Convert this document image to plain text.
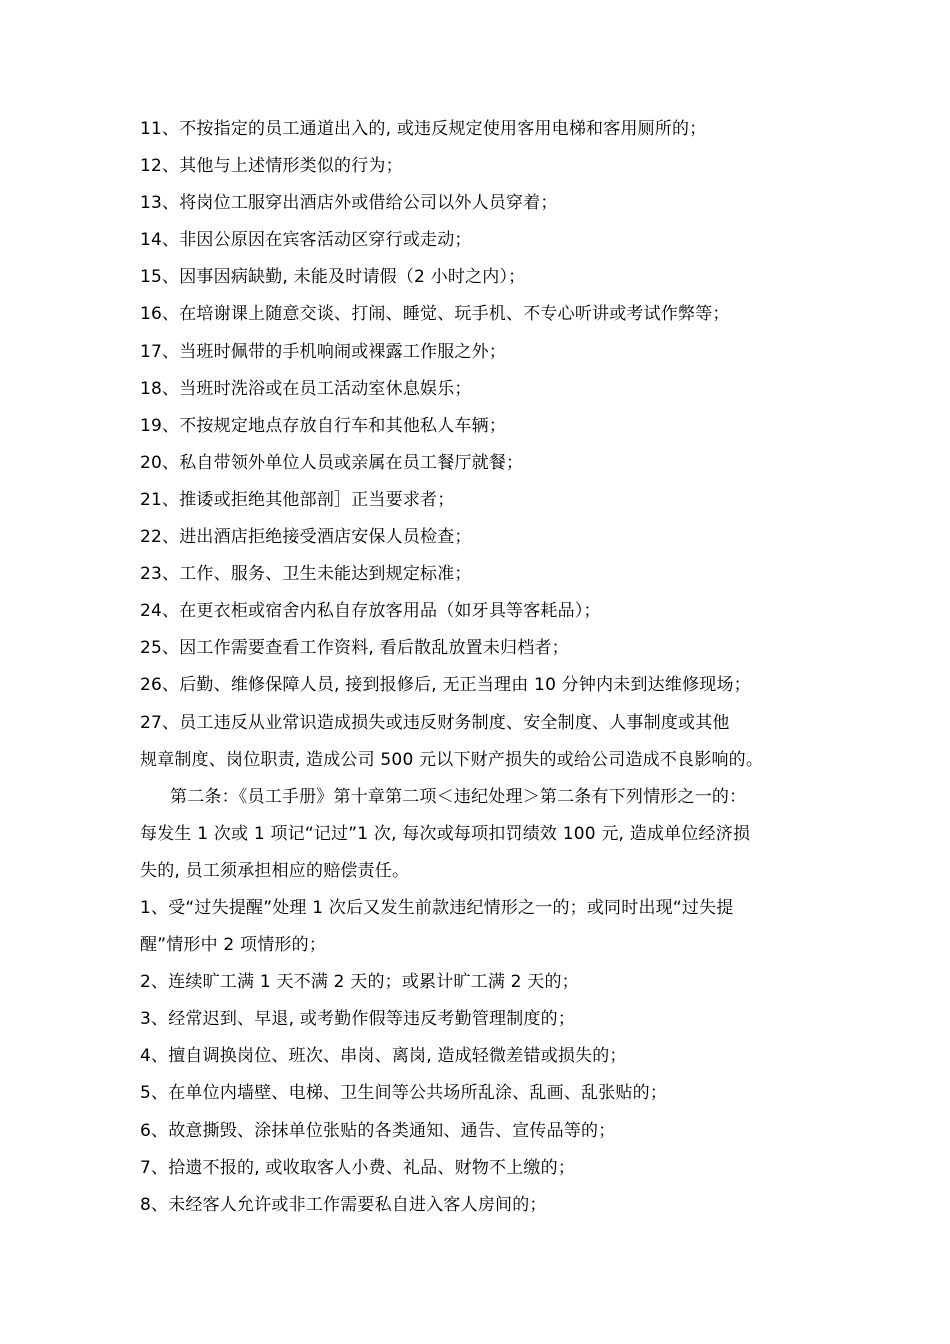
11、不按指定的员工通道出入的, 或违反规定使用客用电梯和客用厕所的；
12、其他与上述情形类似的行为；
13、将岗位工服穿出酒店外或借给公司以外人员穿着；
14、非因公原因在宾客活动区穿行或走动；
15、因事因病缺勤, 未能及时请假（2 小时之内）；
16、在培谢课上随意交谈、打闹、睡觉、玩手机、不专心听讲或考试作弊等；
17、当班时佩带的手机响闹或裸露工作服之外；
18、当班时洗浴或在员工活动室休息娱乐；
19、不按规定地点存放自行车和其他私人车辆；
20、私自带领外单位人员或亲属在员工餐厅就餐；
21、推诿或拒绝其他部剖］正当要求者；
22、进出酒店拒绝接受酒店安保人员检查；
23、工作、服务、卫生未能达到规定标准；
24、在更衣柜或宿舍内私自存放客用品（如牙具等客耗品）；
25、因工作需要查看工作资料, 看后散乱放置未归档者；
26、后勤、维修保障人员, 接到报修后, 无正当理由 10 分钟内未到达维修现场；
27、员工违反从业常识造成损失或违反财务制度、安全制度、人事制度或其他
规章制度、岗位职责, 造成公司 500 元以下财产损失的或给公司造成不良影响的。
第二条：《员工手册》第十章第二项＜违纪处理＞第二条有下列情形之一的：
每发生 1 次或 1 项记“记过”1 次, 每次或每项扣罚绩效 100 元, 造成单位经济损
失的, 员工须承担相应的赔偿责任。
1、受“过失提醒”处理 1 次后又发生前款违纪情形之一的；或同时出现“过失提
醒”情形中 2 项情形的；
2、连续旷工满 1 天不满 2 天的；或累计旷工满 2 天的；
3、经常迟到、早退, 或考勤作假等违反考勤管理制度的；
4、擅自调换岗位、班次、串岗、离岗, 造成轻微差错或损失的；
5、在单位内墙壁、电梯、卫生间等公共场所乱涂、乱画、乱张贴的；
6、故意撕毁、涂抹单位张贴的各类通知、通告、宣传品等的；
7、拾遗不报的, 或收取客人小费、礼品、财物不上缴的；
8、未经客人允许或非工作需要私自进入客人房间的；
